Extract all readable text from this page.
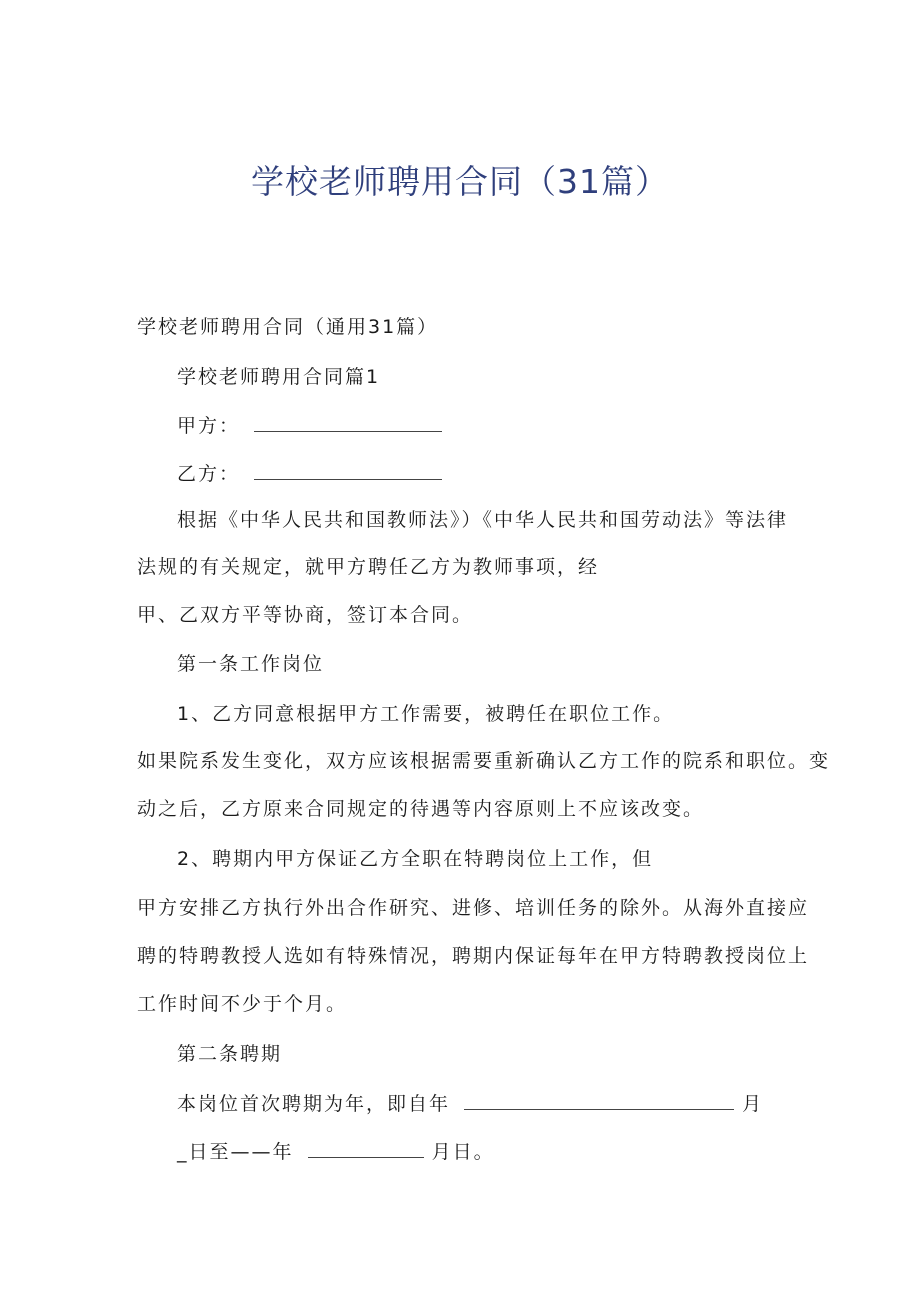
学校老师聘用合同（31篇）
学校老师聘用合同（通用31篇）
学校老师聘用合同篇1
甲方：
乙方：
根据《中华人民共和国教师法》）《中华人民共和国劳动法》等法律
法规的有关规定，就甲方聘任乙方为教师事项，经
甲、乙双方平等协商，签订本合同。
第一条工作岗位
1、乙方同意根据甲方工作需要，被聘任在职位工作。
如果院系发生变化，双方应该根据需要重新确认乙方工作的院系和职位。变
动之后，乙方原来合同规定的待遇等内容原则上不应该改变。
2、聘期内甲方保证乙方全职在特聘岗位上工作，但
甲方安排乙方执行外出合作研究、进修、培训任务的除外。从海外直接应
聘的特聘教授人选如有特殊情况，聘期内保证每年在甲方特聘教授岗位上
工作时间不少于个月。
第二条聘期
本岗位首次聘期为年，即自年	月
_日至——年	月日。
